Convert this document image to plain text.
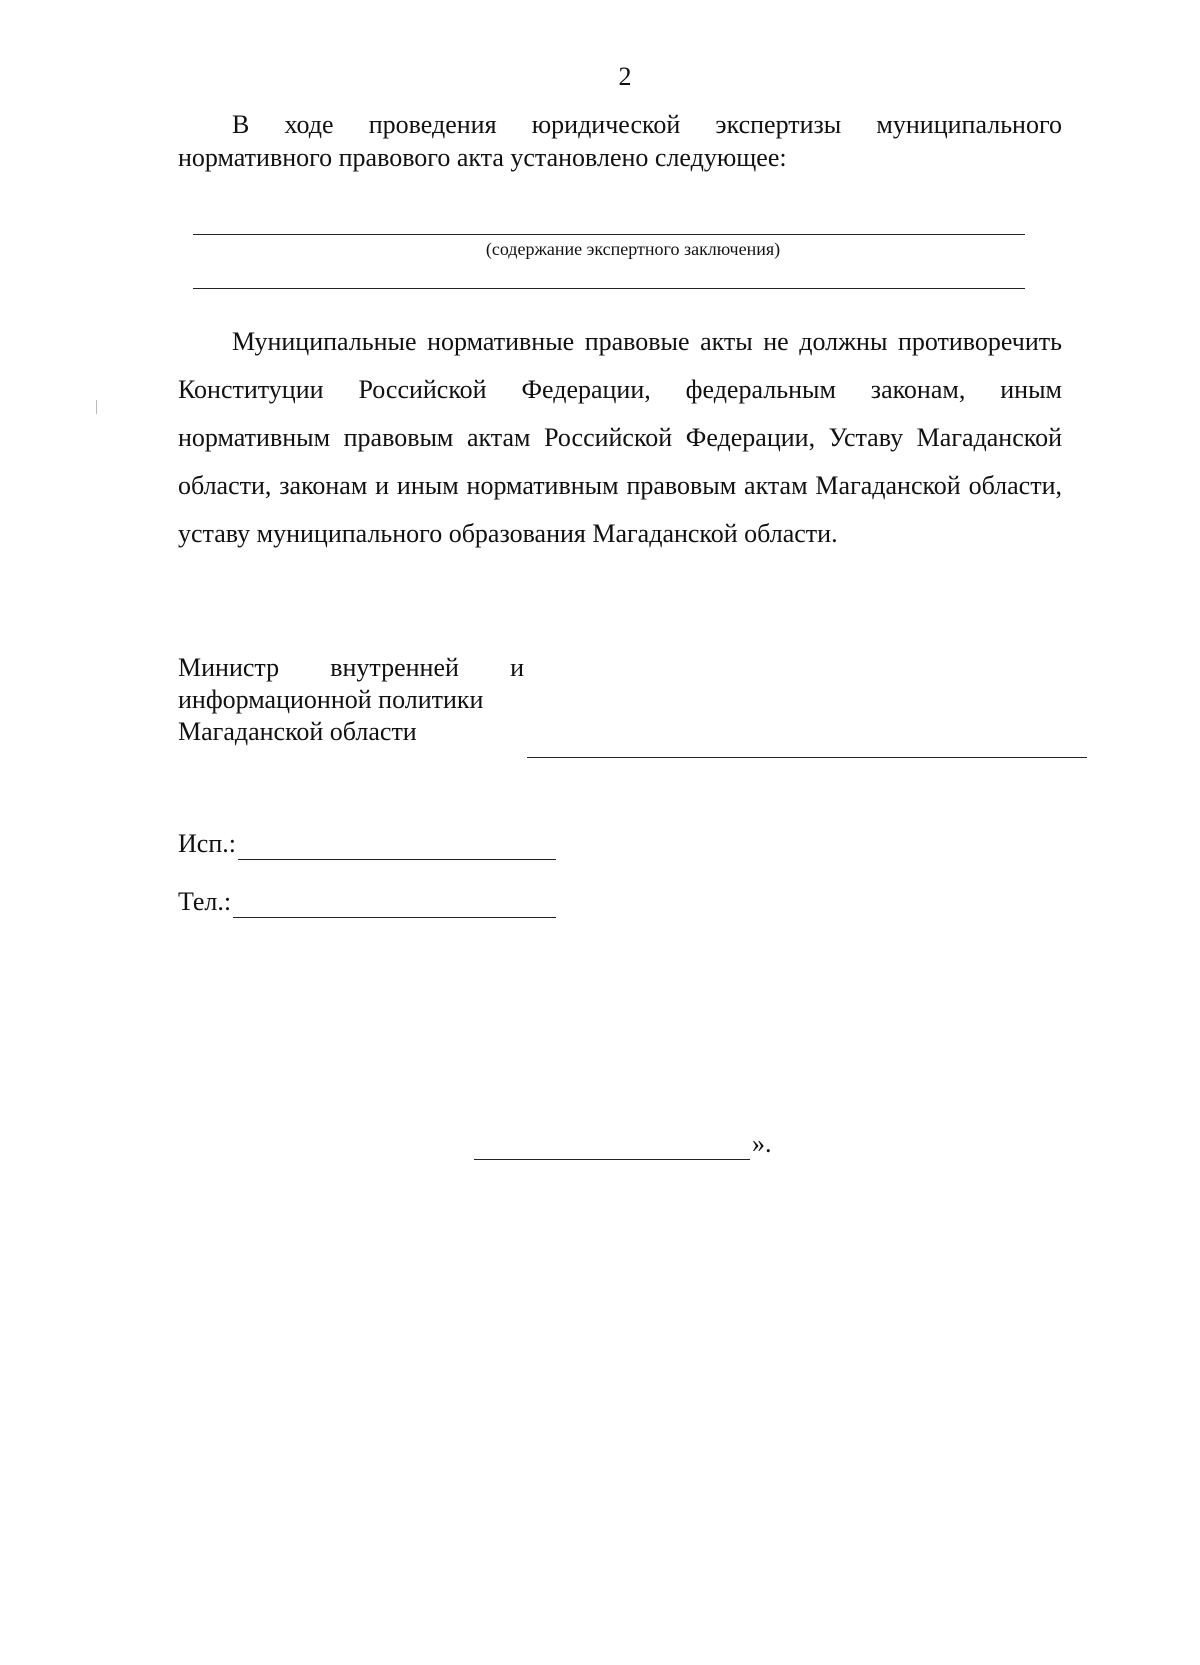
2

В ходе проведения юридической экспертизы муниципального нормативного правового акта установлено следующее:

(содержание экспертного заключения)

Муниципальные нормативные правовые акты не должны противоречить Конституции Российской Федерации, федеральным законам, иным нормативным правовым актам Российской Федерации, Уставу Магаданской области, законам и иным нормативным правовым актам Магаданской области, уставу муниципального образования Магаданской области.

Министр внутренней и
информационной политики
Магаданской области
Исп.:
Тел.:
».
